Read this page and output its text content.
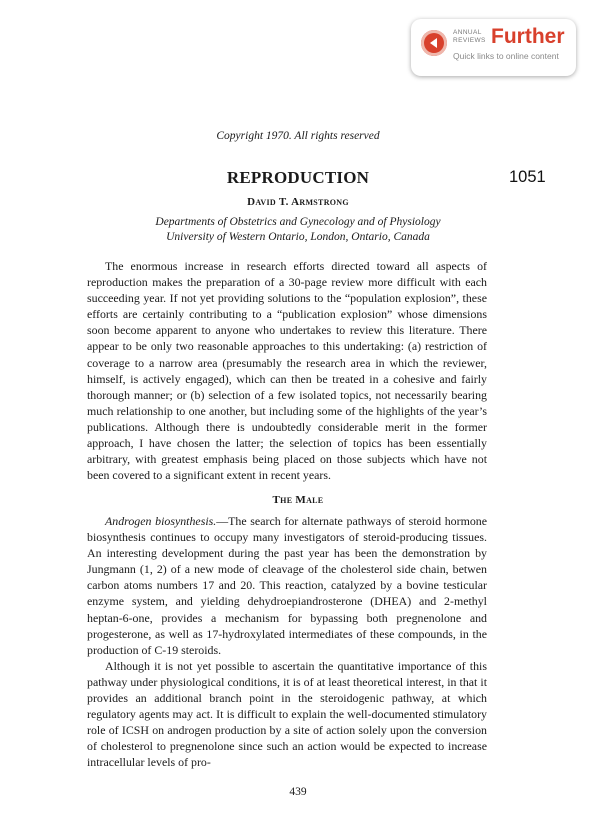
ANNUAL
REVIEWS Further
Quick links to online content
Copyright 1970. All rights reserved
REPRODUCTION	1051
David T. Armstrong
Departments of Obstetrics and Gynecology and of Physiology
University of Western Ontario, London, Ontario, Canada

The enormous increase in research efforts directed toward all aspects of reproduction makes the preparation of a 30-page review more difficult with each succeeding year. If not yet providing solutions to the “population explosion”, these efforts are certainly contributing to a “publication explosion” whose dimensions soon become apparent to anyone who undertakes to review this literature. There appear to be only two reasonable approaches to this undertaking: (a) restriction of coverage to a narrow area (presumably the research area in which the reviewer, himself, is actively engaged), which can then be treated in a cohesive and fairly thorough manner; or (b) selection of a few isolated topics, not necessarily bearing much relationship to one another, but including some of the highlights of the year’s publications. Although there is undoubtedly considerable merit in the former approach, I have chosen the latter; the selection of topics has been essentially arbitrary, with greatest emphasis being placed on those subjects which have not been covered to a significant extent in recent years.

The Male

Androgen biosynthesis.—The search for alternate pathways of steroid hormone biosynthesis continues to occupy many investigators of steroid-producing tissues. An interesting development during the past year has been the demonstration by Jungmann (1, 2) of a new mode of cleavage of the cholesterol side chain, betwen carbon atoms numbers 17 and 20. This reaction, catalyzed by a bovine testicular enzyme system, and yielding dehydroepiandrosterone (DHEA) and 2-methyl heptan-6-one, provides a mechanism for bypassing both pregnenolone and progesterone, as well as 17-hydroxylated intermediates of these compounds, in the production of C-19 steroids.

Although it is not yet possible to ascertain the quantitative importance of this pathway under physiological conditions, it is of at least theoretical interest, in that it provides an additional branch point in the steroidogenic pathway, at which regulatory agents may act. It is difficult to explain the well-documented stimulatory role of ICSH on androgen production by a site of action solely upon the conversion of cholesterol to pregnenolone since such an action would be expected to increase intracellular levels of pro-

439
